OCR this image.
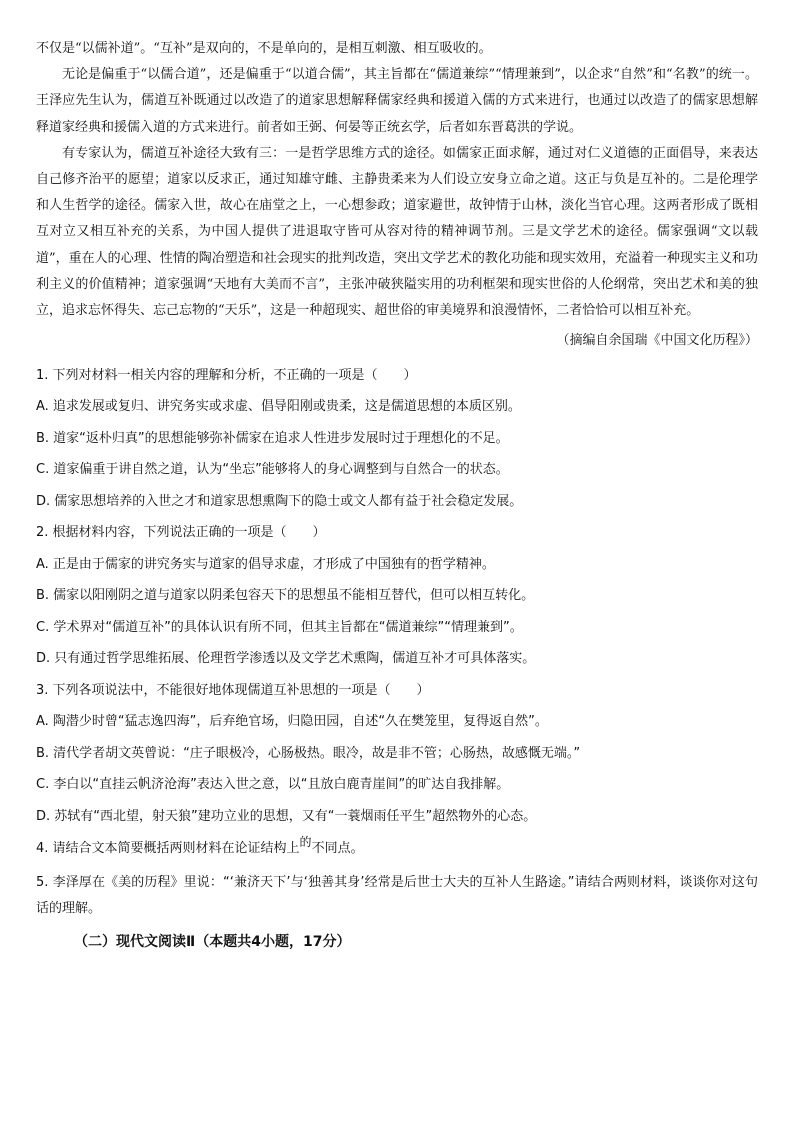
不仅是“以儒补道”。“互补”是双向的，不是单向的，是相互刺激、相互吸收的。

无论是偏重于“以儒合道”，还是偏重于“以道合儒”，其主旨都在“儒道兼综”“情理兼到”，以企求“自然”和“名教”的统一。王泽应先生认为，儒道互补既通过以改造了的道家思想解释儒家经典和援道入儒的方式来进行，也通过以改造了的儒家思想解释道家经典和援儒入道的方式来进行。前者如王弼、何晏等正统玄学，后者如东晋葛洪的学说。

有专家认为，儒道互补途径大致有三：一是哲学思维方式的途径。如儒家正面求解，通过对仁义道德的正面倡导，来表达自己修齐治平的愿望；道家以反求正，通过知雄守雌、主静贵柔来为人们设立安身立命之道。这正与负是互补的。二是伦理学和人生哲学的途径。儒家入世，故心在庙堂之上，一心想参政；道家避世，故钟情于山林，淡化当官心理。这两者形成了既相互对立又相互补充的关系，为中国人提供了进退取守皆可从容对待的精神调节剂。三是文学艺术的途径。儒家强调“文以载道”，重在人的心理、性情的陶冶塑造和社会现实的批判改造，突出文学艺术的教化功能和现实效用，充溢着一种现实主义和功利主义的价值精神；道家强调“天地有大美而不言”，主张冲破狭隘实用的功利框架和现实世俗的人伦纲常，突出艺术和美的独立，追求忘怀得失、忘己忘物的“天乐”，这是一种超现实、超世俗的审美境界和浪漫情怀，二者恰恰可以相互补充。

（摘编自余国瑞《中国文化历程》）

1. 下列对材料一相关内容的理解和分析，不正确的一项是（　　）

A. 追求发展或复归、讲究务实或求虚、倡导阳刚或贵柔，这是儒道思想的本质区别。

B. 道家“返朴归真”的思想能够弥补儒家在追求人性进步发展时过于理想化的不足。

C. 道家偏重于讲自然之道，认为“坐忘”能够将人的身心调整到与自然合一的状态。

D. 儒家思想培养的入世之才和道家思想熏陶下的隐士或文人都有益于社会稳定发展。

2. 根据材料内容，下列说法正确的一项是（　　）

A. 正是由于儒家的讲究务实与道家的倡导求虚，才形成了中国独有的哲学精神。

B. 儒家以阳刚阴之道与道家以阴柔包容天下的思想虽不能相互替代，但可以相互转化。

C. 学术界对“儒道互补”的具体认识有所不同，但其主旨都在“儒道兼综”“情理兼到”。

D. 只有通过哲学思维拓展、伦理哲学渗透以及文学艺术熏陶，儒道互补才可具体落实。

3. 下列各项说法中，不能很好地体现儒道互补思想的一项是（　　）

A. 陶潜少时曾“猛志逸四海”，后弃绝官场，归隐田园，自述“久在樊笼里，复得返自然”。

B. 清代学者胡文英曾说：“庄子眼极冷，心肠极热。眼冷，故是非不管；心肠热，故感慨无端。”

C. 李白以“直挂云帆济沧海”表达入世之意，以“且放白鹿青崖间”的旷达自我排解。

D. 苏轼有“西北望，射天狼”建功立业的思想，又有“一蓑烟雨任平生”超然物外的心态。

4. 请结合文本简要概括两则材料在论证结构上的不同点。

5. 李泽厚在《美的历程》里说：“‘兼济天下’与‘独善其身’经常是后世士大夫的互补人生路途。”请结合两则材料，谈谈你对这句话的理解。

（二）现代文阅读Ⅱ（本题共4小题，17分）
